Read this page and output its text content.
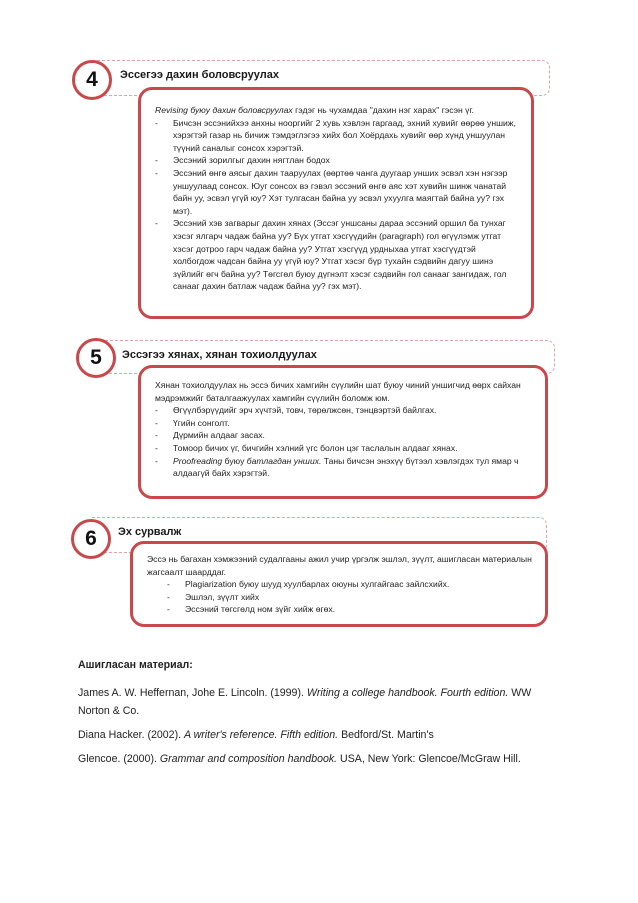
4 Эссегээ дахин боловсруулах
Revising буюу дахин боловсруулах гэдэг нь чухамдаа "дахин нэг харах" гэсэн үг.
- Бичсэн эссэнийхээ анхны нооргийг 2 хувь хэвлэн гаргаад, эхний хувийг өөрөө уншиж, хэрэгтэй газар нь бичиж тэмдэглэгээ хийх бол Хоёрдахь хувийг өөр хүнд уншуулан түүний саналыг сонсох хэрэгтэй.
- Эссэний зорилгыг дахин нягтлан бодох
- Эссэний өнгө аясыг дахин тааруулах (өөртөө чанга дуугаар унших эсвэл хэн нэгээр уншуулаад сонсох. Юуг сонсох вэ гэвэл эссэний өнгө аяс хэт хувийн шинж чанатай байн уу, эсвэл үгүй юу? Хэт тулгасан байна уу эсвэл ухуулга маягтай байна уу? гэх мэт).
- Эссэний хэв загварыг дахин хянах (Эссэг уншсаны дараа эссэний оршил ба тунхаг хэсэг ялгарч чадаж байна уу? Бүх утгат хэсгүүдийн (paragraph) гол өгүүлэмж утгат хэсэг дотроо гарч чадаж байна уу? Утгат хэсгүүд урдныхаа утгат хэсгүүдтэй холбогдож чадсан байна уу үгүй юу? Утгат хэсэг бүр тухайн сэдвийн дагуу шинэ зүйлийг өгч байна уу? Төгсгөл буюу дүгнэлт хэсэг сэдвийн гол санааг зангидаж, гол санааг дахин батлаж чадаж байна уу? гэх мэт).
5 Эссэгээ хянах, хянан тохиолдуулах
Хянан тохиолдуулах нь эссэ бичих хамгийн сүүлийн шат буюу чиний уншигчид өөрх сайхан мэдрэмжийг баталгаажуулах хамгийн сүүлийн боломж юм.
- Өгүүлбэрүүдийг эрч хүчтэй, товч, төрөлжсөн, тэнцвэртэй байлгах.
- Үгийн сонголт.
- Дүрмийн алдааг засах.
- Томоор бичих үг, бичгийн хэлний үгс болон цэг таслалын алдааг хянах.
- Proofreading буюу батлагдан унших. Таны бичсэн энэхүү бүтээл хэвлэгдэх тул ямар ч алдаагүй байх хэрэгтэй.
6 Эх сурвалж
Эссэ нь багахан хэмжээний судалгааны ажил учир үргэлж эшлэл, зүүлт, ашигласан материалын жагсаалт шаарддаг.
- Plagiarization буюу шууд хуулбарлах оюуны хулгайгаас зайлсхийх.
- Эшлэл, зүүлт хийх
- Эссэний төгсгөлд ном зүйг хийж өгөх.

Ашигласан материал:

James A. W. Heffernan, Johe E. Lincoln. (1999). Writing a college handbook. Fourth edition. WW Norton & Co.

Diana Hacker. (2002). A writer's reference. Fifth edition. Bedford/St. Martin's

Glencoe. (2000). Grammar and composition handbook. USA, New York: Glencoe/McGraw Hill.
